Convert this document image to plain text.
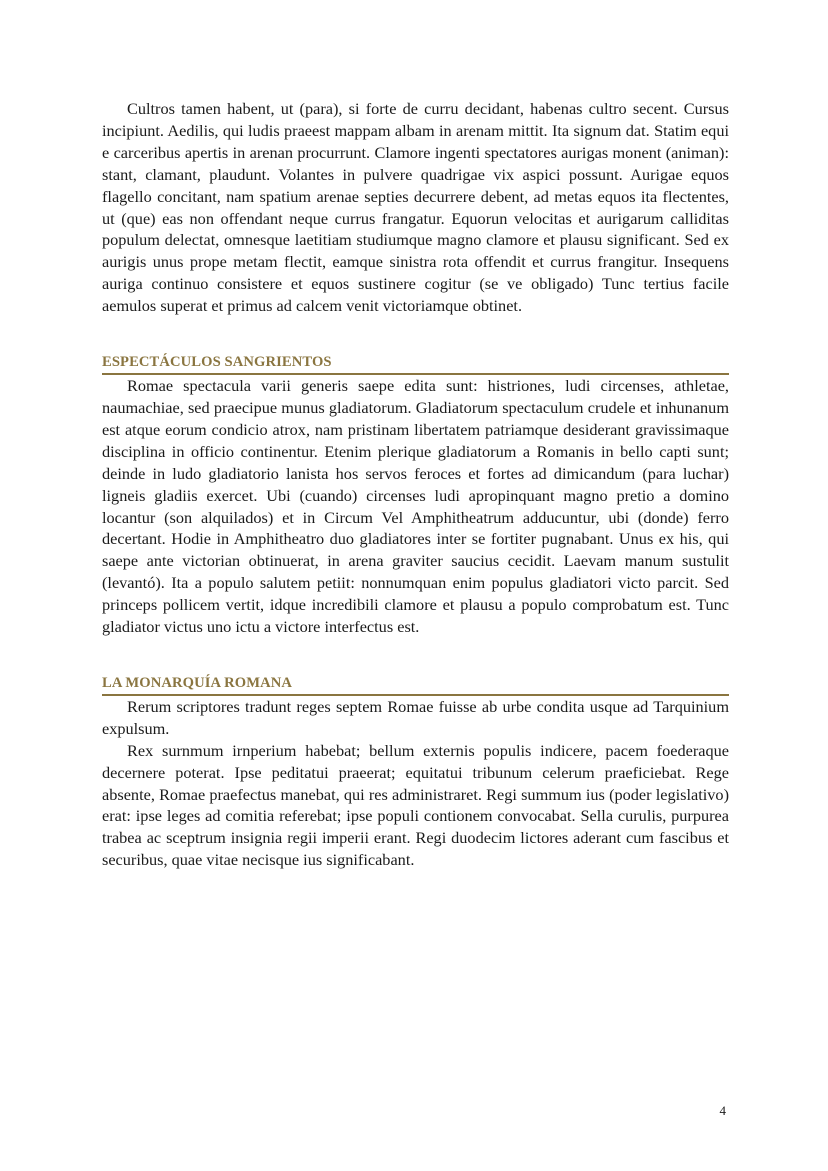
Cultros tamen habent, ut (para), si forte de curru decidant, habenas cultro secent. Cursus incipiunt. Aedilis, qui ludis praeest mappam albam in arenam mittit. Ita signum dat. Statim equi e carceribus apertis in arenan procurrunt. Clamore ingenti spectatores aurigas monent (animan): stant, clamant, plaudunt. Volantes in pulvere quadrigae vix aspici possunt. Aurigae equos flagello concitant, nam spatium arenae septies decurrere debent, ad metas equos ita flectentes, ut (que) eas non offendant neque currus frangatur. Equorun velocitas et aurigarum calliditas populum delectat, omnesque laetitiam studiumque magno clamore et plausu significant. Sed ex aurigis unus prope metam flectit, eamque sinistra rota offendit et currus frangitur. Insequens auriga continuo consistere et equos sustinere cogitur (se ve obligado) Tunc tertius facile aemulos superat et primus ad calcem venit victoriamque obtinet.

ESPECTÁCULOS SANGRIENTOS

Romae spectacula varii generis saepe edita sunt: histriones, ludi circenses, athletae, naumachiae, sed praecipue munus gladiatorum. Gladiatorum spectaculum crudele et inhunanum est atque eorum condicio atrox, nam pristinam libertatem patriamque desiderant gravissimaque disciplina in officio continentur. Etenim plerique gladiatorum a Romanis in bello capti sunt; deinde in ludo gladiatorio lanista hos servos feroces et fortes ad dimicandum (para luchar) ligneis gladiis exercet. Ubi (cuando) circenses ludi apropinquant magno pretio a domino locantur (son alquilados) et in Circum Vel Amphitheatrum adducuntur, ubi (donde) ferro decertant. Hodie in Amphitheatro duo gladiatores inter se fortiter pugnabant. Unus ex his, qui saepe ante victorian obtinuerat, in arena graviter saucius cecidit. Laevam manum sustulit (levantó). Ita a populo salutem petiit: nonnumquan enim populus gladiatori victo parcit. Sed princeps pollicem vertit, idque incredibili clamore et plausu a populo comprobatum est. Tunc gladiator victus uno ictu a victore interfectus est.

LA MONARQUÍA ROMANA

Rerum scriptores tradunt reges septem Romae fuisse ab urbe condita usque ad Tarquinium expulsum.

Rex surnmum irnperium habebat; bellum externis populis indicere, pacem foederaque decernere poterat. Ipse peditatui praeerat; equitatui tribunum celerum praeficiebat. Rege absente, Romae praefectus manebat, qui res administraret. Regi summum ius (poder legislativo) erat: ipse leges ad comitia referebat; ipse populi contionem convocabat. Sella curulis, purpurea trabea ac sceptrum insignia regii imperii erant. Regi duodecim lictores aderant cum fascibus et securibus, quae vitae necisque ius significabant.

4
